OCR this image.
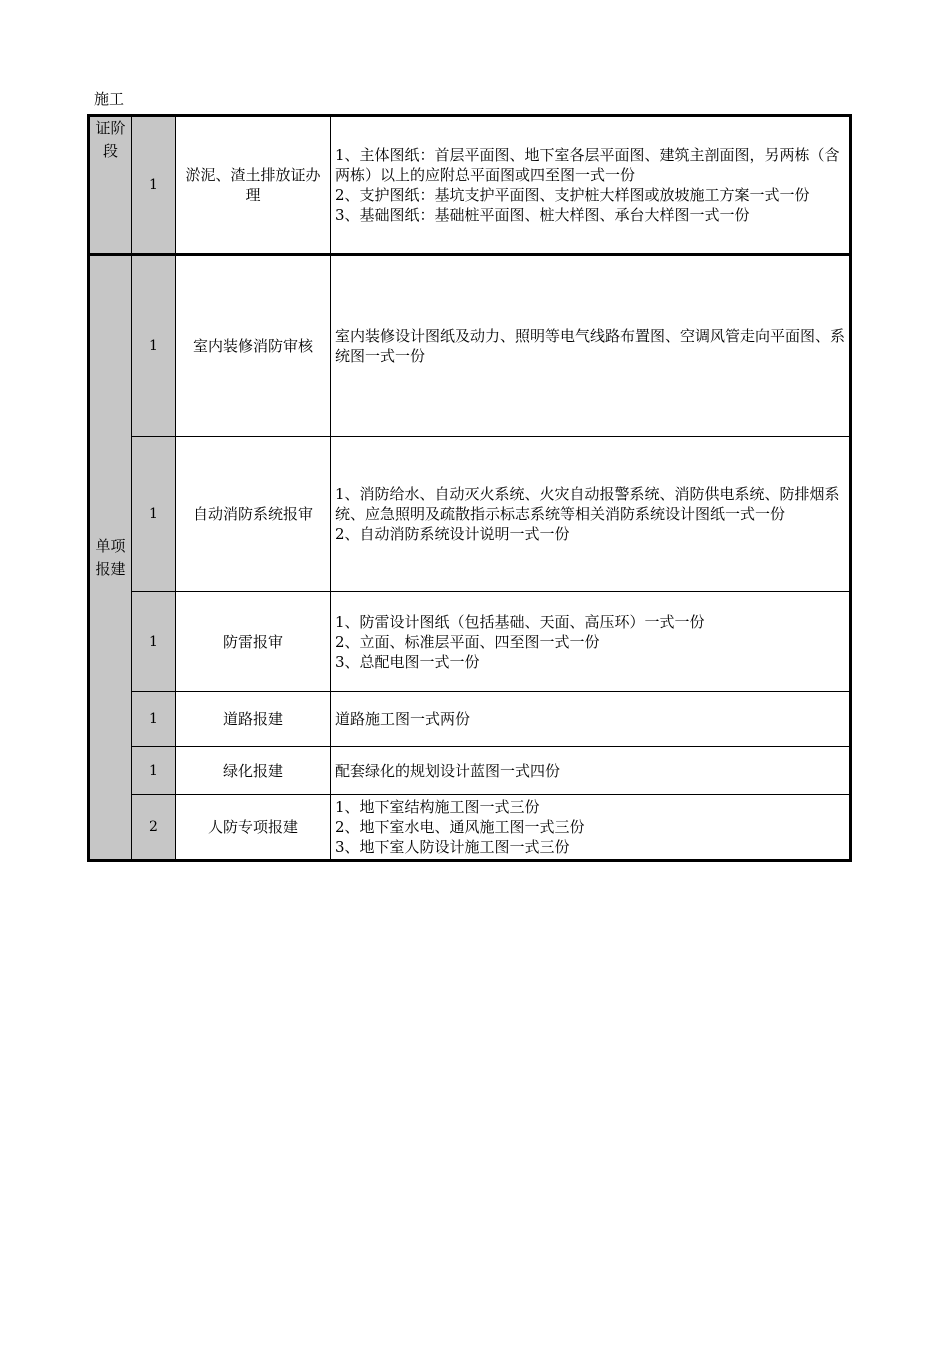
施工
证阶段	1	淤泥、渣土排放证办理	1、主体图纸：首层平面图、地下室各层平面图、建筑主剖面图，另两栋（含两栋）以上的应附总平面图或四至图一式一份
2、支护图纸：基坑支护平面图、支护桩大样图或放坡施工方案一式一份
3、基础图纸：基础桩平面图、桩大样图、承台大样图一式一份
单项报建	1	室内装修消防审核	室内装修设计图纸及动力、照明等电气线路布置图、空调风管走向平面图、系统图一式一份
	1	自动消防系统报审	1、消防给水、自动灭火系统、火灾自动报警系统、消防供电系统、防排烟系统、应急照明及疏散指示标志系统等相关消防系统设计图纸一式一份
2、自动消防系统设计说明一式一份
	1	防雷报审	1、防雷设计图纸（包括基础、天面、高压环）一式一份
2、立面、标准层平面、四至图一式一份
3、总配电图一式一份
	1	道路报建	道路施工图一式两份
	1	绿化报建	配套绿化的规划设计蓝图一式四份
	2	人防专项报建	1、地下室结构施工图一式三份
2、地下室水电、通风施工图一式三份
3、地下室人防设计施工图一式三份
